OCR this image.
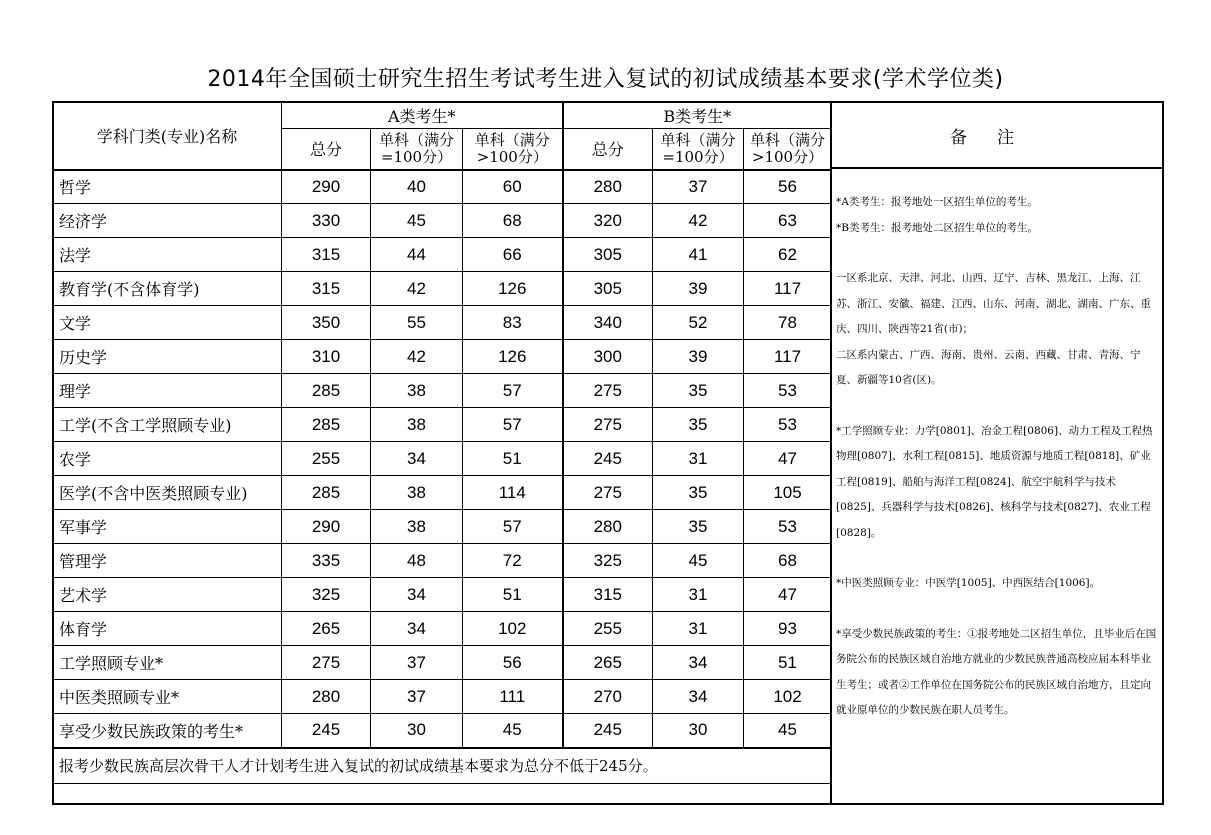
2014年全国硕士研究生招生考试考生进入复试的初试成绩基本要求(学术学位类)
学科门类(专业)名称	A类考生*			B类考生*		
	总分	单科（满分=100分）	单科（满分>100分）	总分	单科（满分=100分）	单科（满分>100分）
哲学	290	40	60	280	37	56
经济学	330	45	68	320	42	63
法学	315	44	66	305	41	62
教育学(不含体育学)	315	42	126	305	39	117
文学	350	55	83	340	52	78
历史学	310	42	126	300	39	117
理学	285	38	57	275	35	53
工学(不含工学照顾专业)	285	38	57	275	35	53
农学	255	34	51	245	31	47
医学(不含中医类照顾专业)	285	38	114	275	35	105
军事学	290	38	57	280	35	53
管理学	335	48	72	325	45	68
艺术学	325	34	51	315	31	47
体育学	265	34	102	255	31	93
工学照顾专业*	275	37	56	265	34	51
中医类照顾专业*	280	37	111	270	34	102
享受少数民族政策的考生*	245	30	45	245	30	45
报考少数民族高层次骨干人才计划考生进入复试的初试成绩基本要求为总分不低于245分。						
备注

*A类考生：报考地处一区招生单位的考生。

*B类考生：报考地处二区招生单位的考生。

一区系北京、天津、河北、山西、辽宁、吉林、黑龙江、上海、江苏、浙江、安徽、福建、江西、山东、河南、湖北、湖南、广东、重庆、四川、陕西等21省(市)；

二区系内蒙古、广西、海南、贵州、云南、西藏、甘肃、青海、宁夏、新疆等10省(区)。

*工学照顾专业：力学[0801]、冶金工程[0806]、动力工程及工程热物理[0807]、水利工程[0815]、地质资源与地质工程[0818]、矿业工程[0819]、船舶与海洋工程[0824]、航空宇航科学与技术[0825]、兵器科学与技术[0826]、核科学与技术[0827]、农业工程[0828]。

*中医类照顾专业：中医学[1005]、中西医结合[1006]。

*享受少数民族政策的考生：①报考地处二区招生单位，且毕业后在国务院公布的民族区域自治地方就业的少数民族普通高校应届本科毕业生考生；或者②工作单位在国务院公布的民族区域自治地方，且定向就业原单位的少数民族在职人员考生。
